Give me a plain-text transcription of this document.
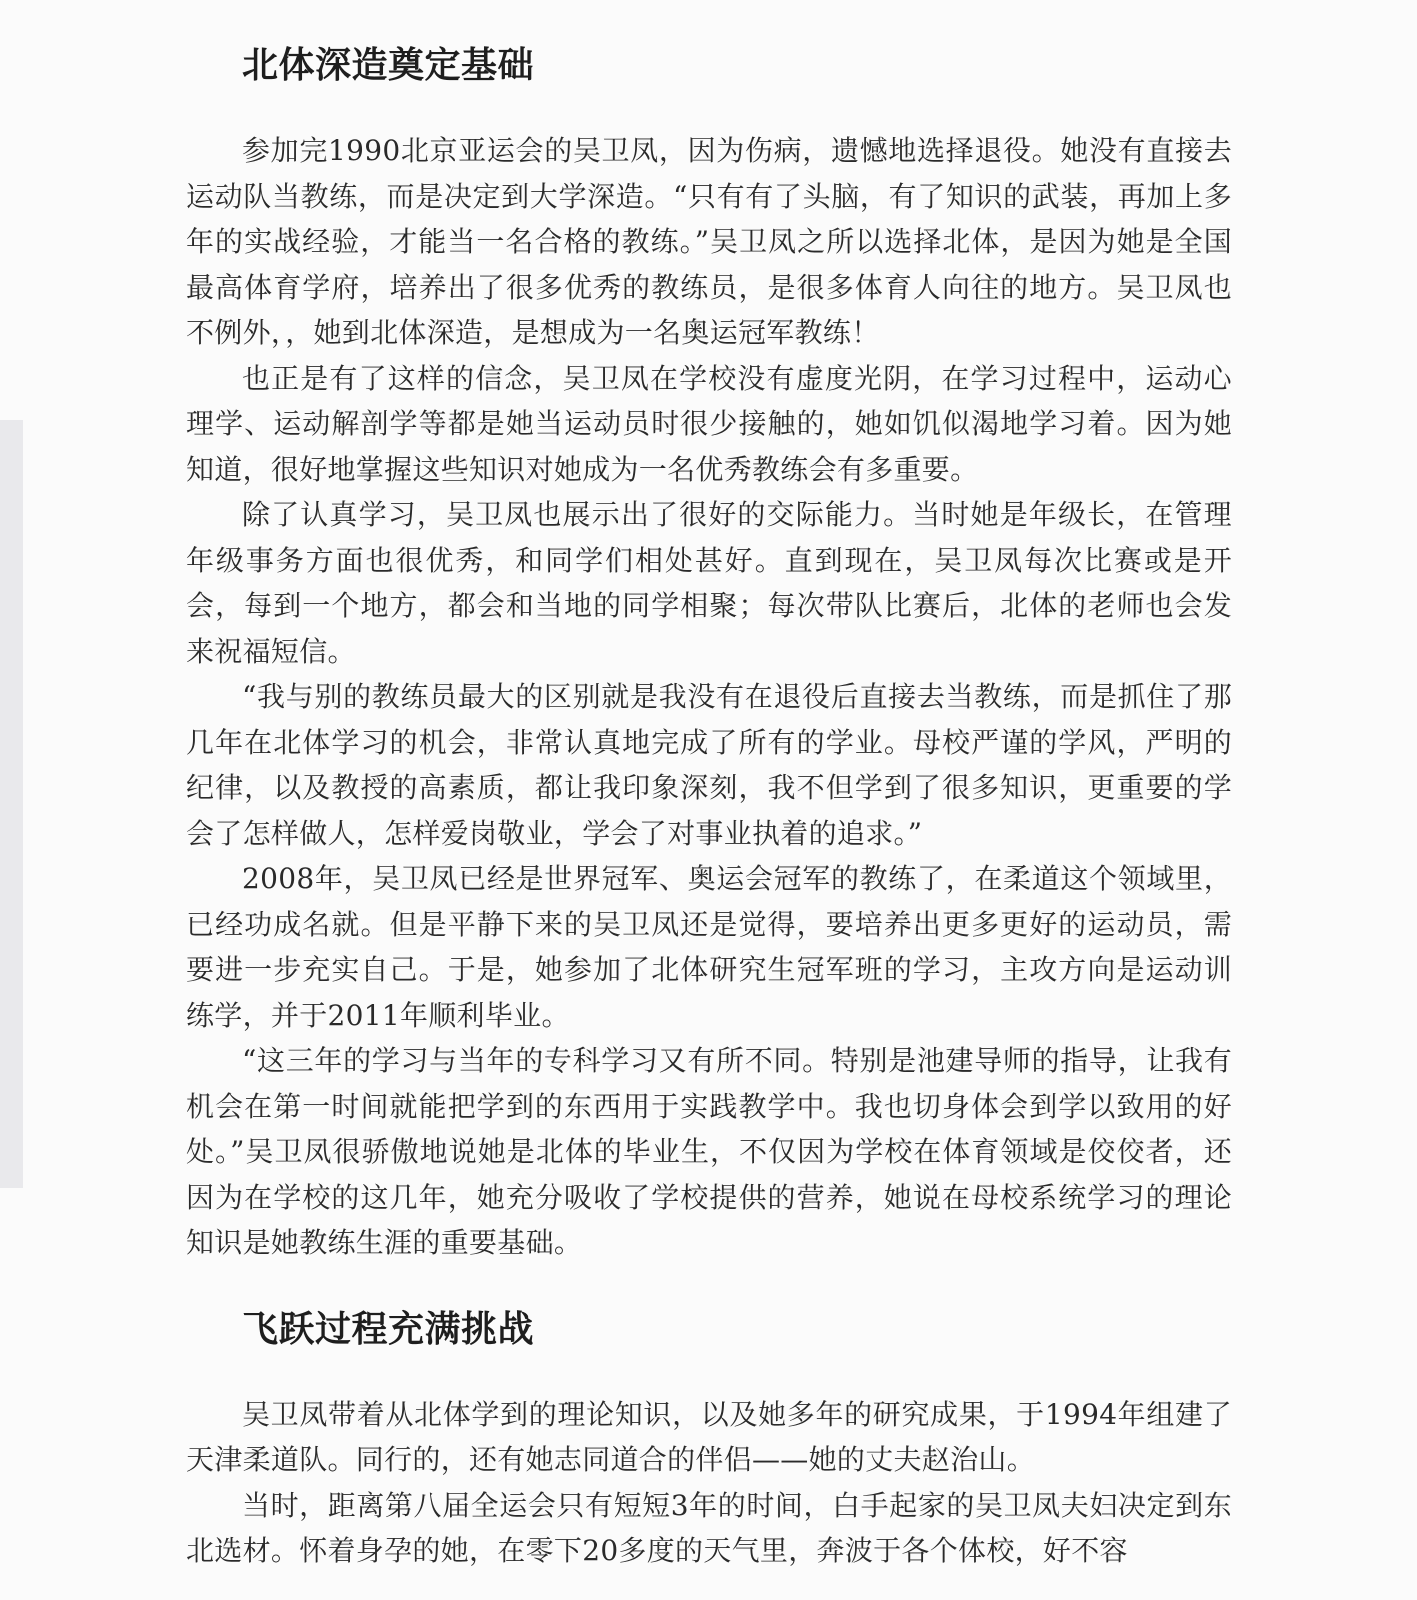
北体深造奠定基础

参加完1990北京亚运会的吴卫凤，因为伤病，遗憾地选择退役。她没有直接去运动队当教练，而是决定到大学深造。“只有有了头脑，有了知识的武装，再加上多年的实战经验，才能当一名合格的教练。”吴卫凤之所以选择北体，是因为她是全国最高体育学府，培养出了很多优秀的教练员，是很多体育人向往的地方。吴卫凤也不例外，，她到北体深造，是想成为一名奥运冠军教练！

也正是有了这样的信念，吴卫凤在学校没有虚度光阴，在学习过程中，运动心理学、运动解剖学等都是她当运动员时很少接触的，她如饥似渴地学习着。因为她知道，很好地掌握这些知识对她成为一名优秀教练会有多重要。

除了认真学习，吴卫凤也展示出了很好的交际能力。当时她是年级长，在管理年级事务方面也很优秀，和同学们相处甚好。直到现在，吴卫凤每次比赛或是开会，每到一个地方，都会和当地的同学相聚；每次带队比赛后，北体的老师也会发来祝福短信。

“我与别的教练员最大的区别就是我没有在退役后直接去当教练，而是抓住了那几年在北体学习的机会，非常认真地完成了所有的学业。母校严谨的学风，严明的纪律，以及教授的高素质，都让我印象深刻，我不但学到了很多知识，更重要的学会了怎样做人，怎样爱岗敬业，学会了对事业执着的追求。”

2008年，吴卫凤已经是世界冠军、奥运会冠军的教练了，在柔道这个领域里，已经功成名就。但是平静下来的吴卫凤还是觉得，要培养出更多更好的运动员，需要进一步充实自己。于是，她参加了北体研究生冠军班的学习，主攻方向是运动训练学，并于2011年顺利毕业。

“这三年的学习与当年的专科学习又有所不同。特别是池建导师的指导，让我有机会在第一时间就能把学到的东西用于实践教学中。我也切身体会到学以致用的好处。”吴卫凤很骄傲地说她是北体的毕业生，不仅因为学校在体育领域是佼佼者，还因为在学校的这几年，她充分吸收了学校提供的营养，她说在母校系统学习的理论知识是她教练生涯的重要基础。

飞跃过程充满挑战

吴卫凤带着从北体学到的理论知识，以及她多年的研究成果，于1994年组建了天津柔道队。同行的，还有她志同道合的伴侣——她的丈夫赵治山。

当时，距离第八届全运会只有短短3年的时间，白手起家的吴卫凤夫妇决定到东北选材。怀着身孕的她，在零下20多度的天气里，奔波于各个体校，好不容
